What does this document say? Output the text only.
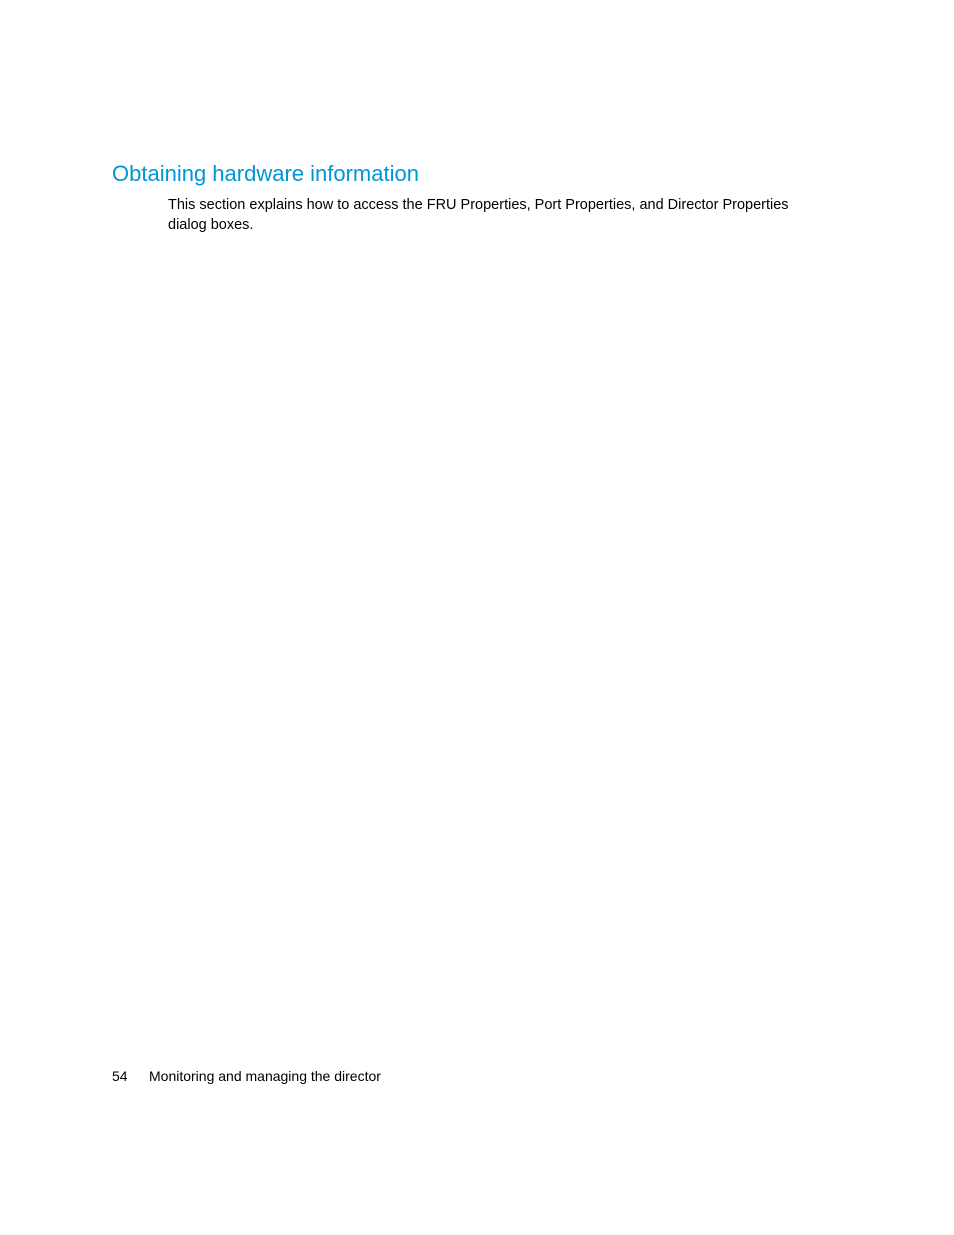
Obtaining hardware information

This section explains how to access the FRU Properties, Port Properties, and Director Properties dialog boxes.

54 Monitoring and managing the director
